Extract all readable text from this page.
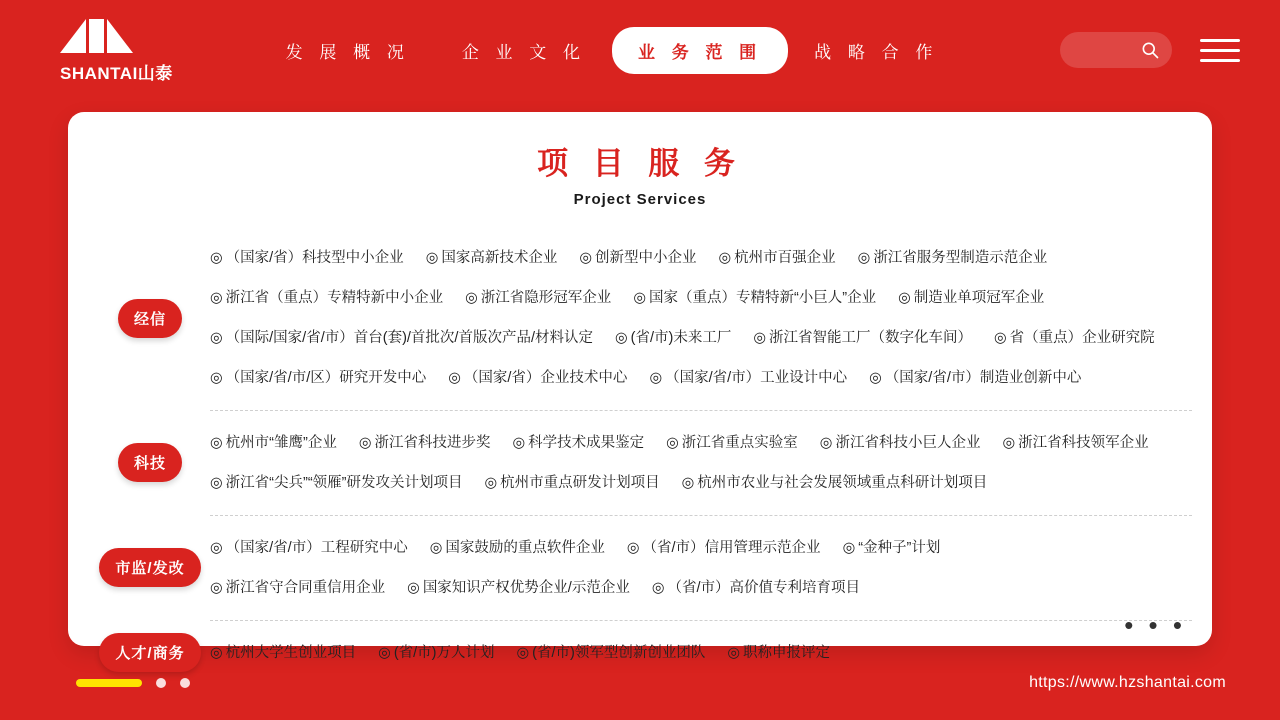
SHANTAI山泰
发 展 概 况	企 业 文 化	业 务 范 围	战 略 合 作
项 目 服 务
Project Services
经信
◎ （国家/省）科技型中小企业 ◎ 国家高新技术企业 ◎ 创新型中小企业 ◎ 杭州市百强企业 ◎ 浙江省服务型制造示范企业
◎ 浙江省（重点）专精特新中小企业 ◎ 浙江省隐形冠军企业 ◎ 国家（重点）专精特新“小巨人”企业 ◎ 制造业单项冠军企业
◎ （国际/国家/省/市）首台(套)/首批次/首版次产品/材料认定 ◎ (省/市)未来工厂 ◎ 浙江省智能工厂（数字化车间） ◎ 省（重点）企业研究院
◎ （国家/省/市/区）研究开发中心 ◎ （国家/省）企业技术中心 ◎ （国家/省/市）工业设计中心 ◎ （国家/省/市）制造业创新中心
科技
◎ 杭州市“雏鹰”企业 ◎ 浙江省科技进步奖 ◎ 科学技术成果鉴定 ◎ 浙江省重点实验室 ◎ 浙江省科技小巨人企业 ◎ 浙江省科技领军企业
◎ 浙江省“尖兵”“领雁”研发攻关计划项目 ◎ 杭州市重点研发计划项目 ◎ 杭州市农业与社会发展领域重点科研计划项目
市监/发改
◎ （国家/省/市）工程研究中心 ◎ 国家鼓励的重点软件企业 ◎ （省/市）信用管理示范企业 ◎ “金种子”计划
◎ 浙江省守合同重信用企业 ◎ 国家知识产权优势企业/示范企业 ◎ （省/市）高价值专利培育项目
人才/商务	◎ 杭州大学生创业项目 ◎ (省/市)万人计划 ◎ (省/市)领军型创新创业团队 ◎ 职称申报评定
• • •
https://www.hzshantai.com
